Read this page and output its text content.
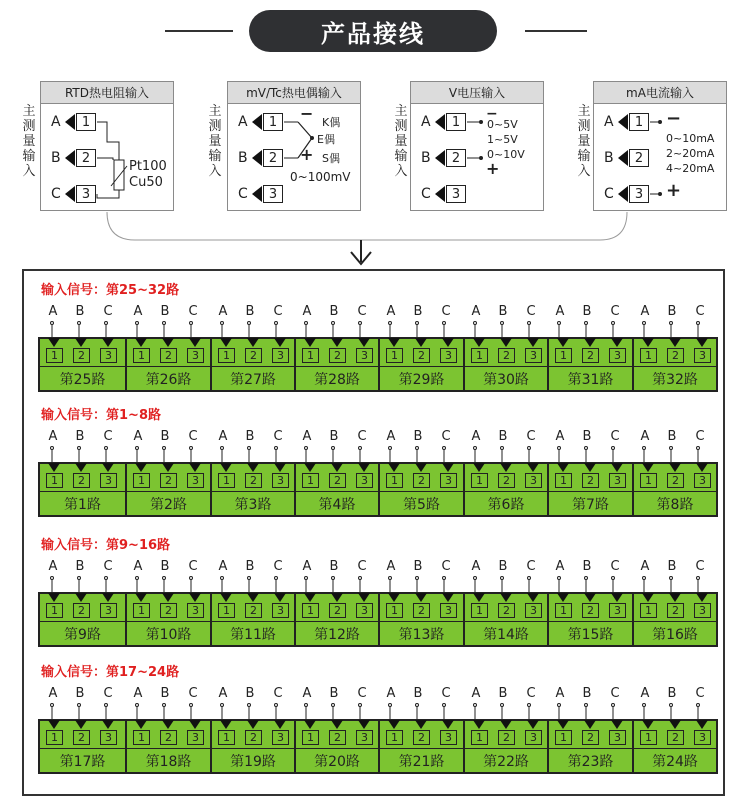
产品接线
主测量输入
主测量输入
主测量输入
主测量输入
RTD热电阻输入
A	1
B	2
C	3
Pt100
Cu50
mV/Tc热电偶输入
A	1
B	2
C	3
−
+
K偶
E偶
S偶
0~100mV
V电压输入
A	1
B	2
C	3
−
0~5V
1~5V
0~10V
+
mA电流输入
A	1
B	2
C	3
−
0~10mA
2~20mA
4~20mA
+
输入信号：第25~32路
A	B	C	A	B	C	A	B	C	A	B	C	A	B	C	A	B	C	A	B	C	A	B	C
1	2	3
第25路
1	2	3
第26路
1	2	3
第27路
1	2	3
第28路
1	2	3
第29路
1	2	3
第30路
1	2	3
第31路
1	2	3
第32路
输入信号：第1~8路
A	B	C	A	B	C	A	B	C	A	B	C	A	B	C	A	B	C	A	B	C	A	B	C
1	2	3
第1路
1	2	3
第2路
1	2	3
第3路
1	2	3
第4路
1	2	3
第5路
1	2	3
第6路
1	2	3
第7路
1	2	3
第8路
输入信号：第9~16路
A	B	C	A	B	C	A	B	C	A	B	C	A	B	C	A	B	C	A	B	C	A	B	C
1	2	3
第9路
1	2	3
第10路
1	2	3
第11路
1	2	3
第12路
1	2	3
第13路
1	2	3
第14路
1	2	3
第15路
1	2	3
第16路
输入信号：第17~24路
A	B	C	A	B	C	A	B	C	A	B	C	A	B	C	A	B	C	A	B	C	A	B	C
1	2	3
第17路
1	2	3
第18路
1	2	3
第19路
1	2	3
第20路
1	2	3
第21路
1	2	3
第22路
1	2	3
第23路
1	2	3
第24路
